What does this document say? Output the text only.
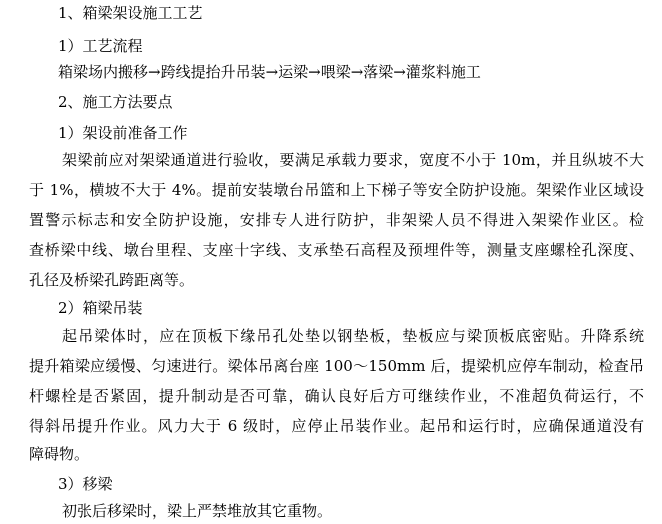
1、箱梁架设施工工艺
1）工艺流程
箱梁场内搬移→跨线提抬升吊装→运梁→喂梁→落梁→灌浆料施工
2、施工方法要点
1）架设前准备工作
架梁前应对架梁通道进行验收，要满足承载力要求，宽度不小于 10m，并且纵坡不大
于 1%，横坡不大于 4%。提前安装墩台吊篮和上下梯子等安全防护设施。架梁作业区域设
置警示标志和安全防护设施，安排专人进行防护，非架梁人员不得进入架梁作业区。检
查桥梁中线、墩台里程、支座十字线、支承垫石高程及预埋件等，测量支座螺栓孔深度、
孔径及桥梁孔跨距离等。
2）箱梁吊装
起吊梁体时，应在顶板下缘吊孔处垫以钢垫板，垫板应与梁顶板底密贴。升降系统
提升箱梁应缓慢、匀速进行。梁体吊离台座 100～150mm 后，提梁机应停车制动，检查吊
杆螺栓是否紧固，提升制动是否可靠，确认良好后方可继续作业，不准超负荷运行，不
得斜吊提升作业。风力大于 6 级时，应停止吊装作业。起吊和运行时，应确保通道没有
障碍物。
3）移梁
初张后移梁时，梁上严禁堆放其它重物。
